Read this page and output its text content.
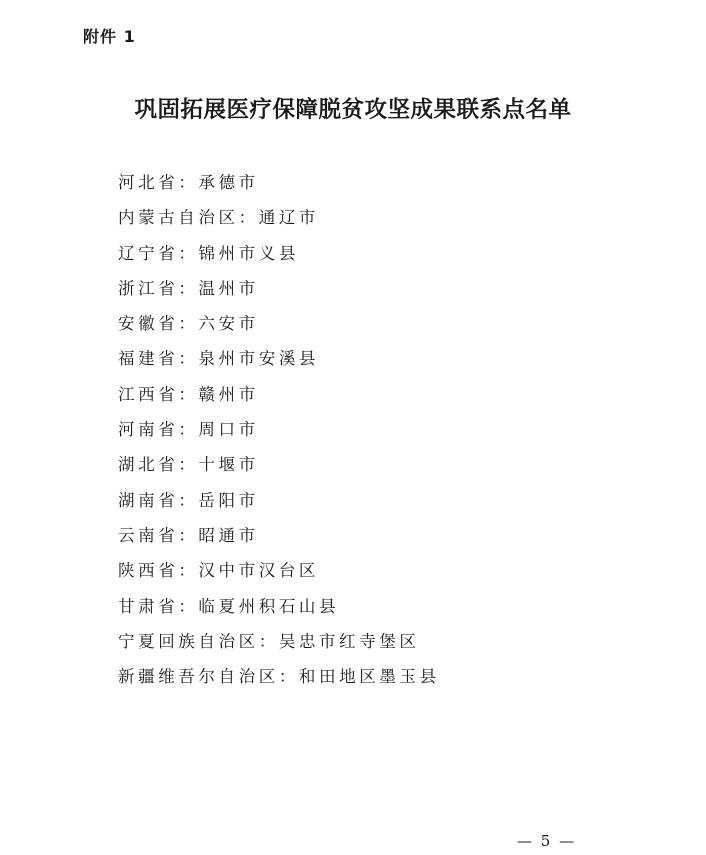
附件 1
巩固拓展医疗保障脱贫攻坚成果联系点名单
河北省：承德市
内蒙古自治区：通辽市
辽宁省：锦州市义县
浙江省：温州市
安徽省：六安市
福建省：泉州市安溪县
江西省：赣州市
河南省：周口市
湖北省：十堰市
湖南省：岳阳市
云南省：昭通市
陕西省：汉中市汉台区
甘肃省：临夏州积石山县
宁夏回族自治区：吴忠市红寺堡区
新疆维吾尔自治区：和田地区墨玉县
— 5 —
